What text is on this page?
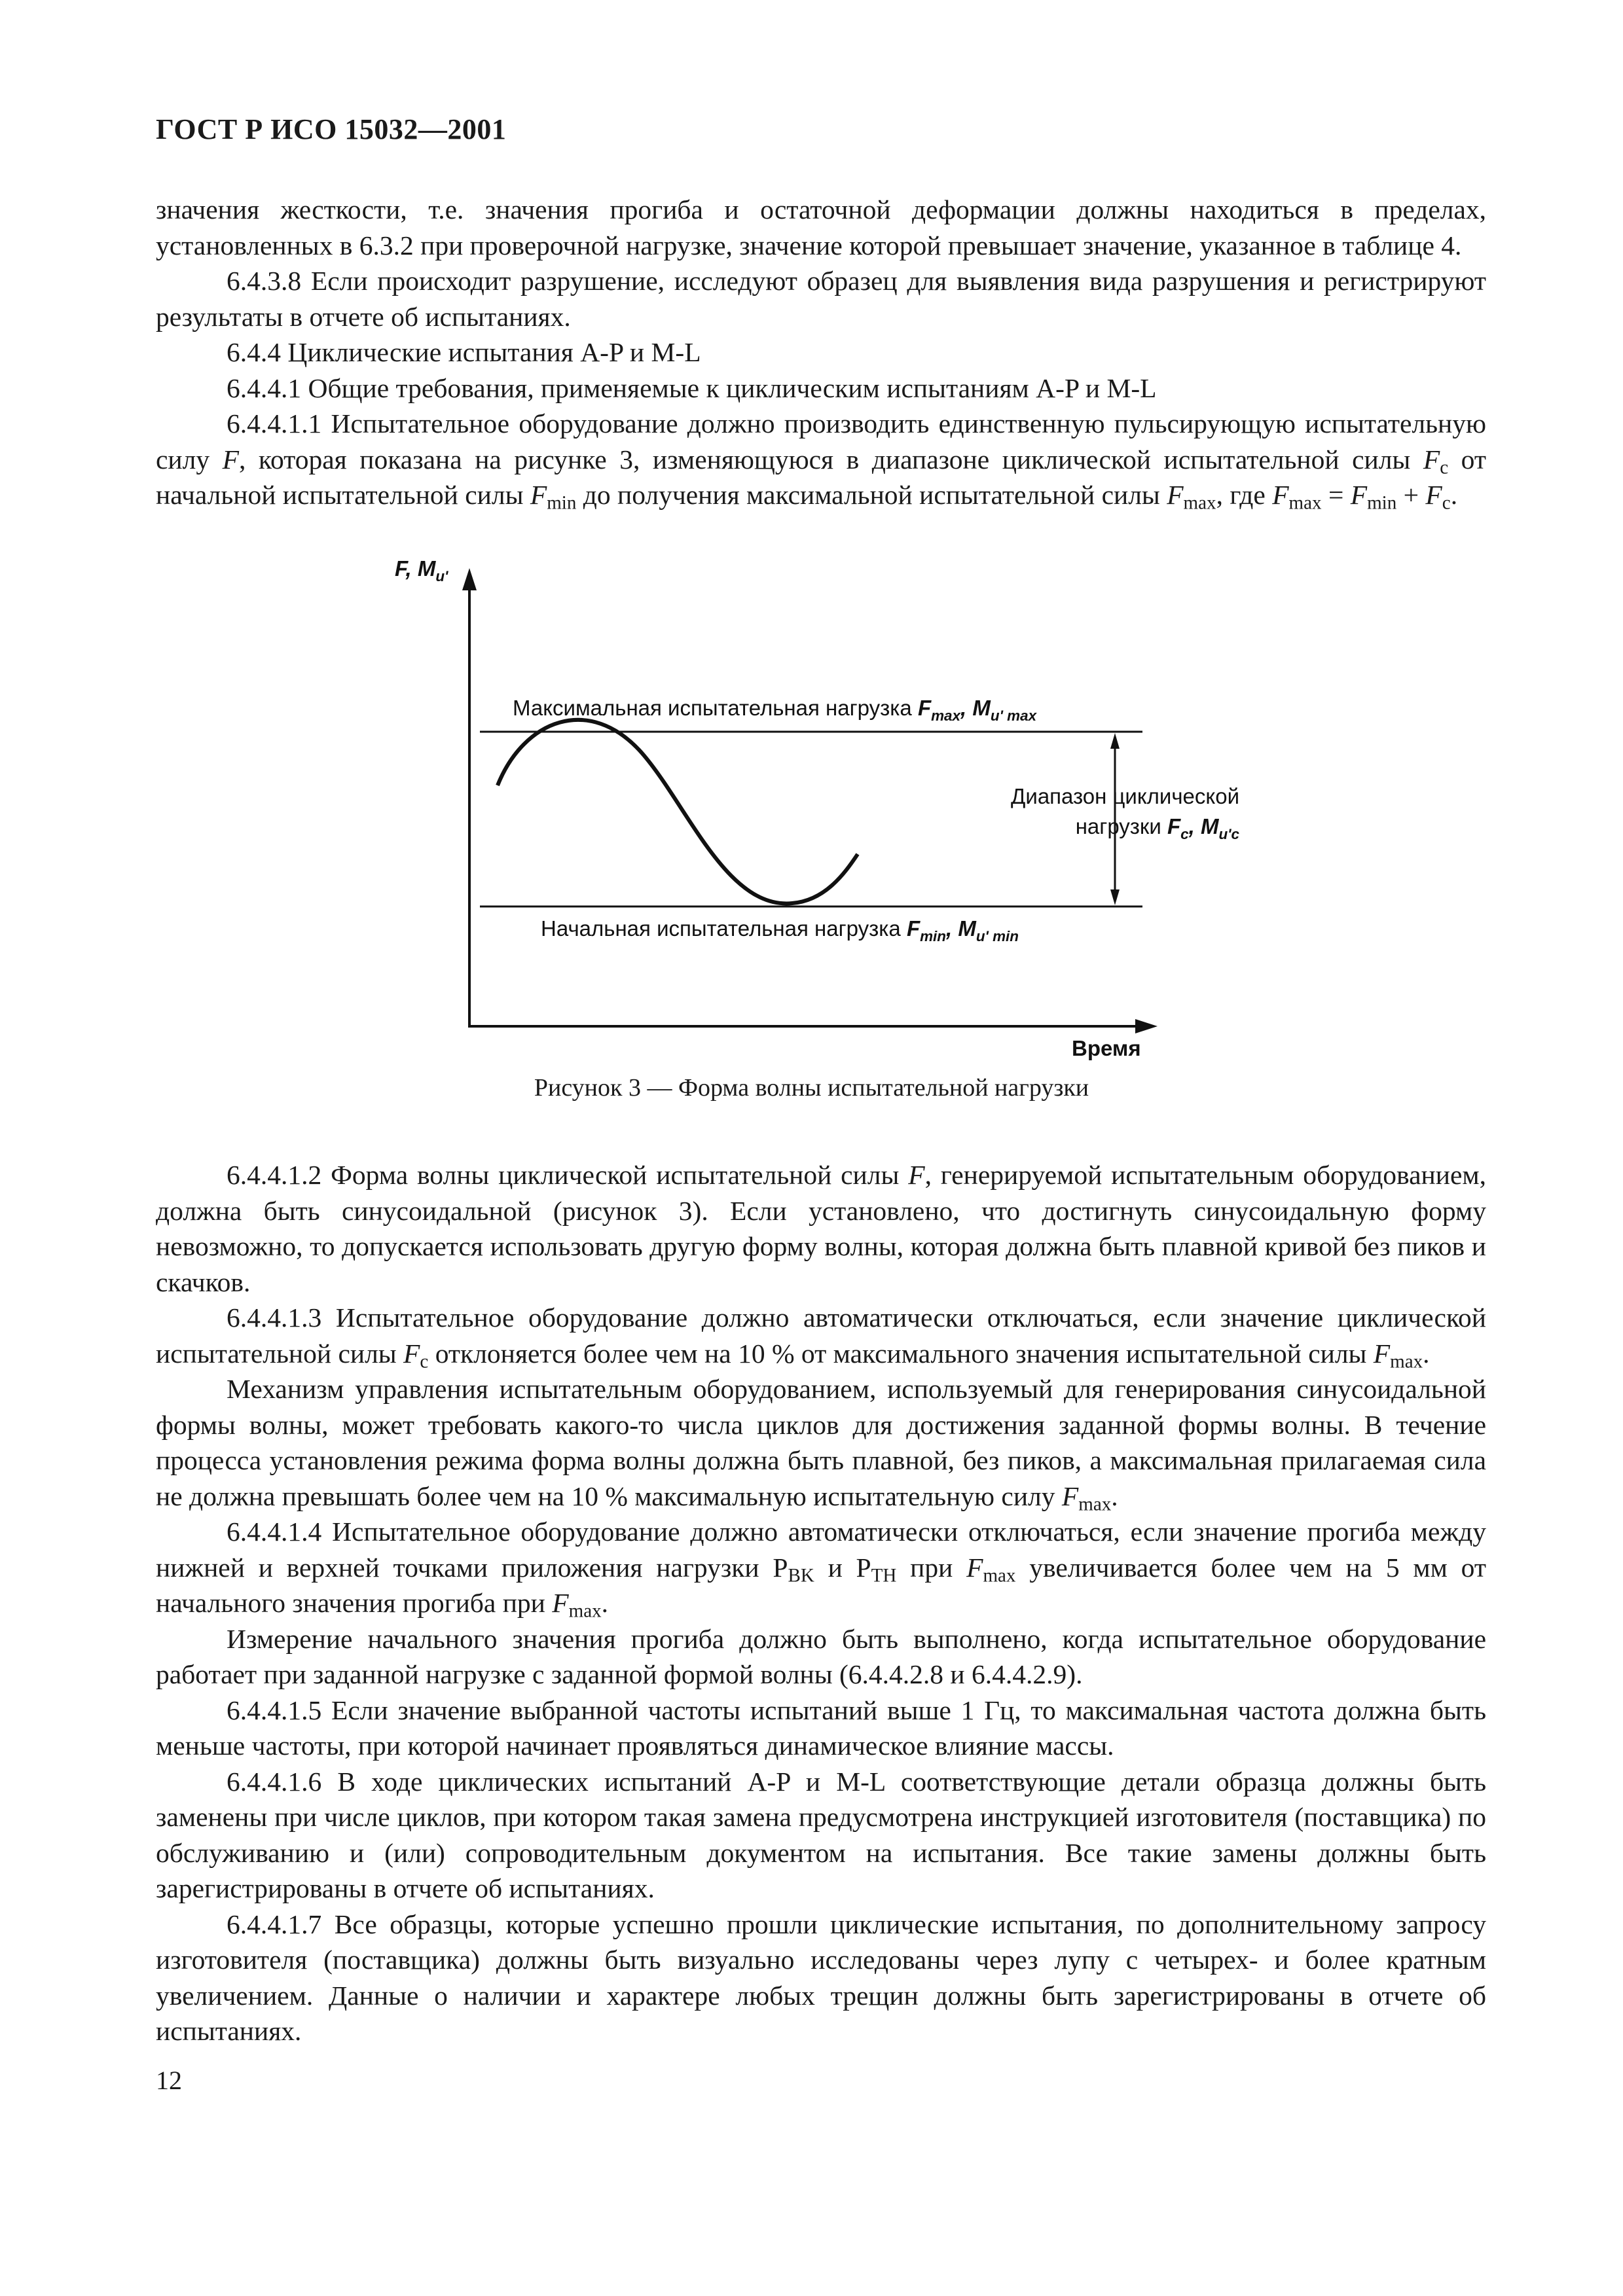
ГОСТ Р ИСО 15032—2001

значения жесткости, т.е. значения прогиба и остаточной деформации должны находиться в пределах, установленных в 6.3.2 при проверочной нагрузке, значение которой превышает значение, указанное в таблице 4.

6.4.3.8 Если происходит разрушение, исследуют образец для выявления вида разрушения и регистрируют результаты в отчете об испытаниях.

6.4.4 Циклические испытания A-P и M-L

6.4.4.1 Общие требования, применяемые к циклическим испытаниям A-P и M-L

6.4.4.1.1 Испытательное оборудование должно производить единственную пульсирующую испытательную силу F, которая показана на рисунке 3, изменяющуюся в диапазоне циклической испытательной силы $F_c$ от начальной испытательной силы $F_{min}$ до получения максимальной испытательной силы $F_{max}$, где $F_{max} = F_{min} + F_c$.

F, $M_{u'}$
Максимальная испытательная нагрузка $F_{max}$, $M_{u' max}$
Начальная испытательная нагрузка $F_{min}$, $M_{u' min}$
Диапазон циклической
нагрузки $F_c$, $M_{u'c}$
Время
Рисунок 3 — Форма волны испытательной нагрузки

6.4.4.1.2 Форма волны циклической испытательной силы F, генерируемой испытательным оборудованием, должна быть синусоидальной (рисунок 3). Если установлено, что достигнуть синусоидальную форму невозможно, то допускается использовать другую форму волны, которая должна быть плавной кривой без пиков и скачков.

6.4.4.1.3 Испытательное оборудование должно автоматически отключаться, если значение циклической испытательной силы $F_c$ отклоняется более чем на 10 % от максимального значения испытательной силы $F_{max}$.

Механизм управления испытательным оборудованием, используемый для генерирования синусоидальной формы волны, может требовать какого-то числа циклов для достижения заданной формы волны. В течение процесса установления режима форма волны должна быть плавной, без пиков, а максимальная прилагаемая сила не должна превышать более чем на 10 % максимальную испытательную силу $F_{max}$.

6.4.4.1.4 Испытательное оборудование должно автоматически отключаться, если значение прогиба между нижней и верхней точками приложения нагрузки $P_{BK}$ и $P_{TH}$ при $F_{max}$ увеличивается более чем на 5 мм от начального значения прогиба при $F_{max}$.

Измерение начального значения прогиба должно быть выполнено, когда испытательное оборудование работает при заданной нагрузке с заданной формой волны (6.4.4.2.8 и 6.4.4.2.9).

6.4.4.1.5 Если значение выбранной частоты испытаний выше 1 Гц, то максимальная частота должна быть меньше частоты, при которой начинает проявляться динамическое влияние массы.

6.4.4.1.6 В ходе циклических испытаний A-P и M-L соответствующие детали образца должны быть заменены при числе циклов, при котором такая замена предусмотрена инструкцией изготовителя (поставщика) по обслуживанию и (или) сопроводительным документом на испытания. Все такие замены должны быть зарегистрированы в отчете об испытаниях.

6.4.4.1.7 Все образцы, которые успешно прошли циклические испытания, по дополнительному запросу изготовителя (поставщика) должны быть визуально исследованы через лупу с четырех- и более кратным увеличением. Данные о наличии и характере любых трещин должны быть зарегистрированы в отчете об испытаниях.

12
